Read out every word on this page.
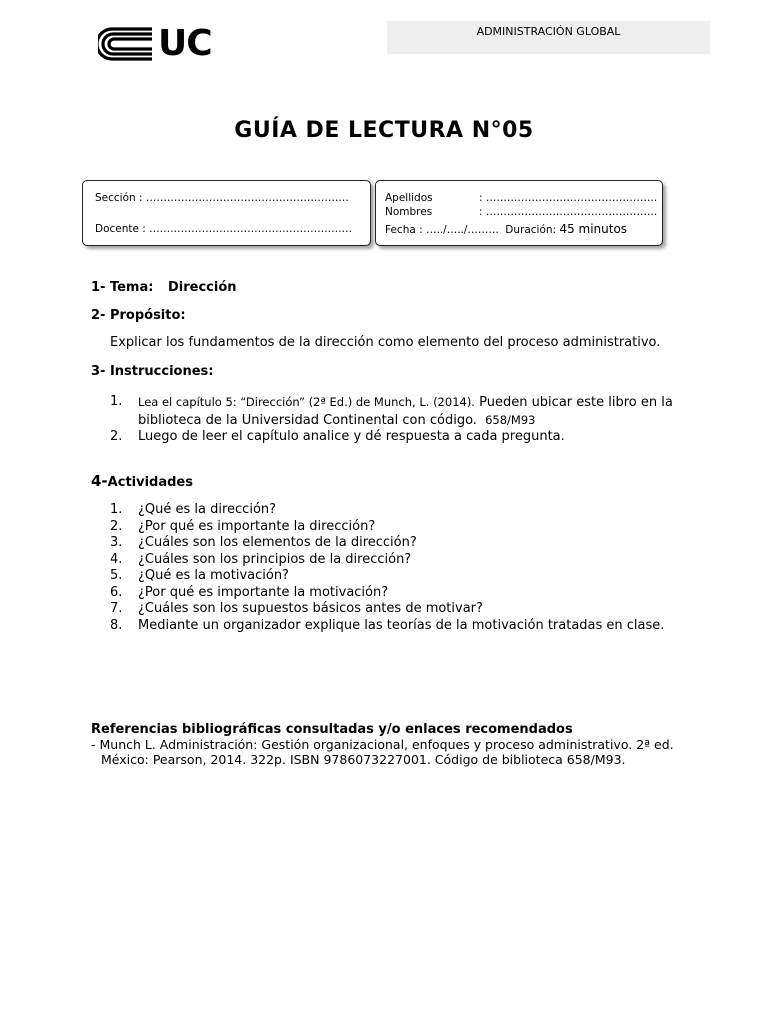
UC	ADMINISTRACIÓN GLOBAL
GUÍA DE LECTURA N°05
Sección : ………………………………………………….
Docente : ………………………………………………….
Apellidos	: ………………………………………….
Nombres	: ………………………………………….
Fecha : …../…../……… Duración: 45 minutos
1- Tema: Dirección
2- Propósito:
Explicar los fundamentos de la dirección como elemento del proceso administrativo.
3- Instrucciones:
1. Lea el capítulo 5: “Dirección” (2ª Ed.) de Munch, L. (2014). Pueden ubicar este libro en la biblioteca de la Universidad Continental con código. 658/M93
2. Luego de leer el capítulo analice y dé respuesta a cada pregunta.
4-Actividades
1. ¿Qué es la dirección?
2. ¿Por qué es importante la dirección?
3. ¿Cuáles son los elementos de la dirección?
4. ¿Cuáles son los principios de la dirección?
5. ¿Qué es la motivación?
6. ¿Por qué es importante la motivación?
7. ¿Cuáles son los supuestos básicos antes de motivar?
8. Mediante un organizador explique las teorías de la motivación tratadas en clase.
Referencias bibliográficas consultadas y/o enlaces recomendados
- Munch L. Administración: Gestión organizacional, enfoques y proceso administrativo. 2ª ed. México: Pearson, 2014. 322p. ISBN 9786073227001. Código de biblioteca 658/M93.
